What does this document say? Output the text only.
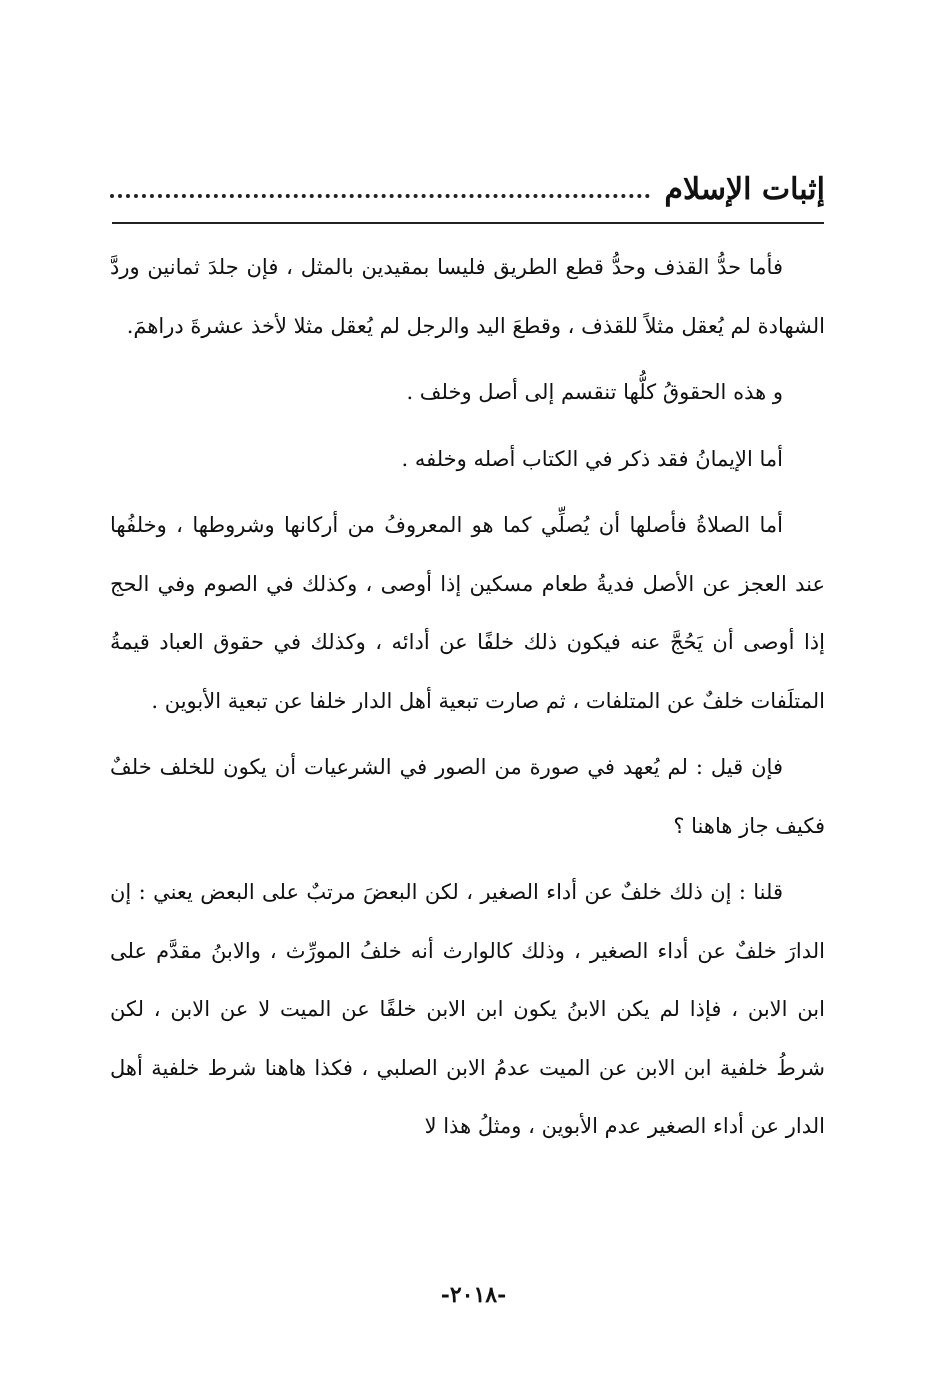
إثبات الإسلام

فأما حدُّ القذف وحدُّ قطع الطريق فليسا بمقيدين بالمثل ، فإن جلدَ ثمانين وردَّ الشهادة لم يُعقل مثلاً للقذف ، وقطعَ اليد والرجل لم يُعقل مثلا لأخذ عشرةَ دراهمَ.

و هذه الحقوقُ كلُّها تنقسم إلى أصل وخلف .

أما الإيمانُ فقد ذكر في الكتاب أصله وخلفه .

أما الصلاةُ فأصلها أن يُصلِّي كما هو المعروفُ من أركانها وشروطها ، وخلفُها عند العجز عن الأصل فديةُ طعام مسكين إذا أوصى ، وكذلك في الصوم وفي الحج إذا أوصى أن يَحُجَّ عنه فيكون ذلك خلفًا عن أدائه ، وكذلك في حقوق العباد قيمةُ المتلَفات خلفٌ عن المتلفات ، ثم صارت تبعية أهل الدار خلفا عن تبعية الأبوين .

فإن قيل : لم يُعهد في صورة من الصور في الشرعيات أن يكون للخلف خلفٌ فكيف جاز هاهنا ؟

قلنا : إن ذلك خلفٌ عن أداء الصغير ، لكن البعضَ مرتبٌ على البعض يعني : إن الدارَ خلفٌ عن أداء الصغير ، وذلك كالوارث أنه خلفُ المورِّث ، والابنُ مقدَّم على ابن الابن ، فإذا لم يكن الابنُ يكون ابن الابن خلفًا عن الميت لا عن الابن ، لكن شرطُ خلفية ابن الابن عن الميت عدمُ الابن الصلبي ، فكذا هاهنا شرط خلفية أهل الدار عن أداء الصغير عدم الأبوين ، ومثلُ هذا لا

-٢٠١٨-
